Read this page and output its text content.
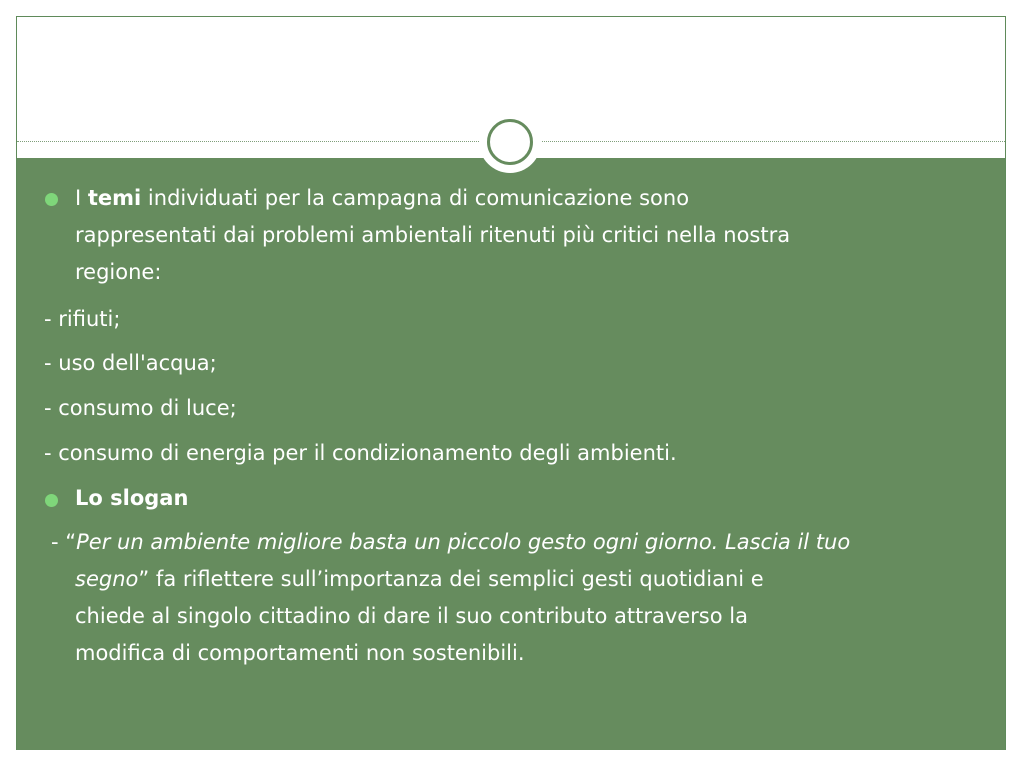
I temi individuati per la campagna di comunicazione sono
rappresentati dai problemi ambientali ritenuti più critici nella nostra
regione:
- rifiuti;
- uso dell'acqua;
- consumo di luce;
- consumo di energia per il condizionamento degli ambienti.
Lo slogan
- “Per un ambiente migliore basta un piccolo gesto ogni giorno. Lascia il tuo
segno” fa riflettere sull’importanza dei semplici gesti quotidiani e
chiede al singolo cittadino di dare il suo contributo attraverso la
modifica di comportamenti non sostenibili.
